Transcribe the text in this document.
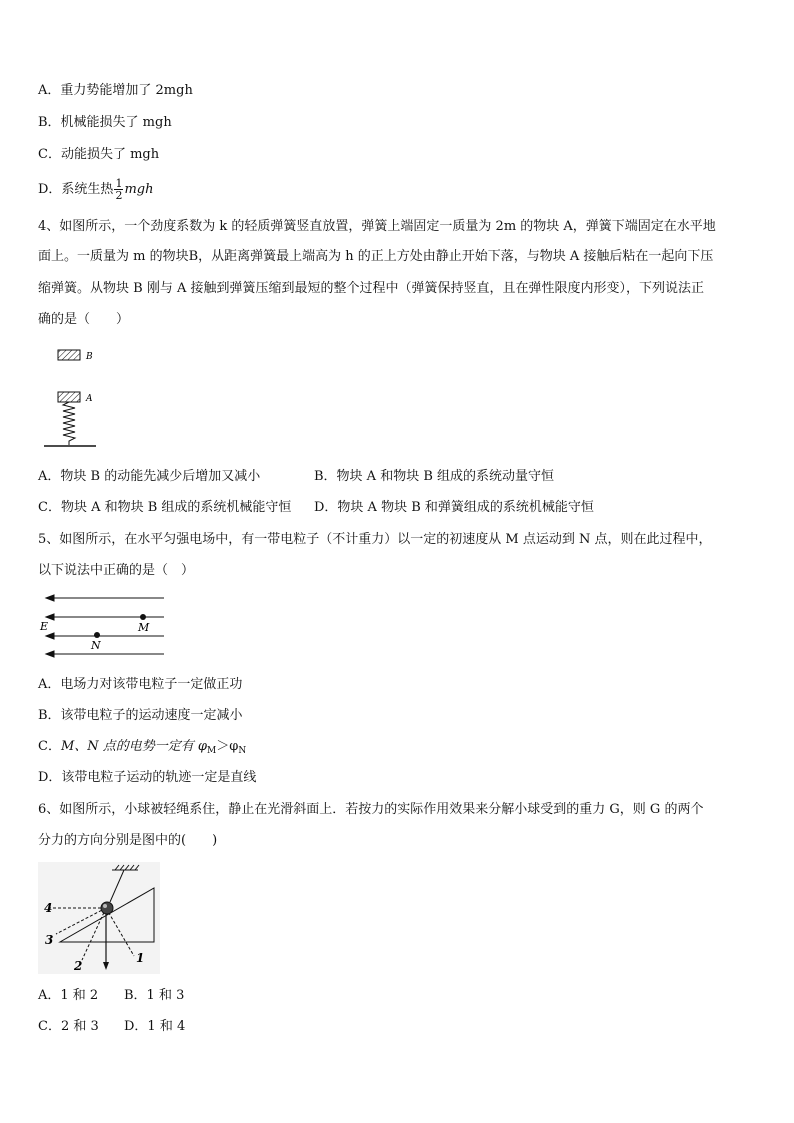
A．重力势能增加了 2mgh
B．机械能损失了 mgh
C．动能损失了 mgh
D．系统生热 $\frac{1}{2}$ mgh
4、如图所示，一个劲度系数为 k 的轻质弹簧竖直放置，弹簧上端固定一质量为 2m 的物块 A，弹簧下端固定在水平地
面上。一质量为 m 的物块B，从距离弹簧最上端高为 h 的正上方处由静止开始下落，与物块 A 接触后粘在一起向下压
缩弹簧。从物块 B 刚与 A 接触到弹簧压缩到最短的整个过程中（弹簧保持竖直，且在弹性限度内形变），下列说法正
确的是（　　）
B
A
A．物块 B 的动能先减少后增加又减小	B．物块 A 和物块 B 组成的系统动量守恒
C．物块 A 和物块 B 组成的系统机械能守恒 D．物块 A 物块 B 和弹簧组成的系统机械能守恒
5、如图所示，在水平匀强电场中，有一带电粒子（不计重力）以一定的初速度从 M 点运动到 N 点，则在此过程中，
以下说法中正确的是（　）
E	M
N
A．电场力对该带电粒子一定做正功
B．该带电粒子的运动速度一定减小
C．M、N 点的电势一定有 $\varphi_M>\varphi_N$
D．该带电粒子运动的轨迹一定是直线
6、如图所示，小球被轻绳系住，静止在光滑斜面上．若按力的实际作用效果来分解小球受到的重力 G，则 G 的两个
分力的方向分别是图中的(　　)
4
3
2
1
A．1 和 2 B．1 和 3
C．2 和 3 D．1 和 4
